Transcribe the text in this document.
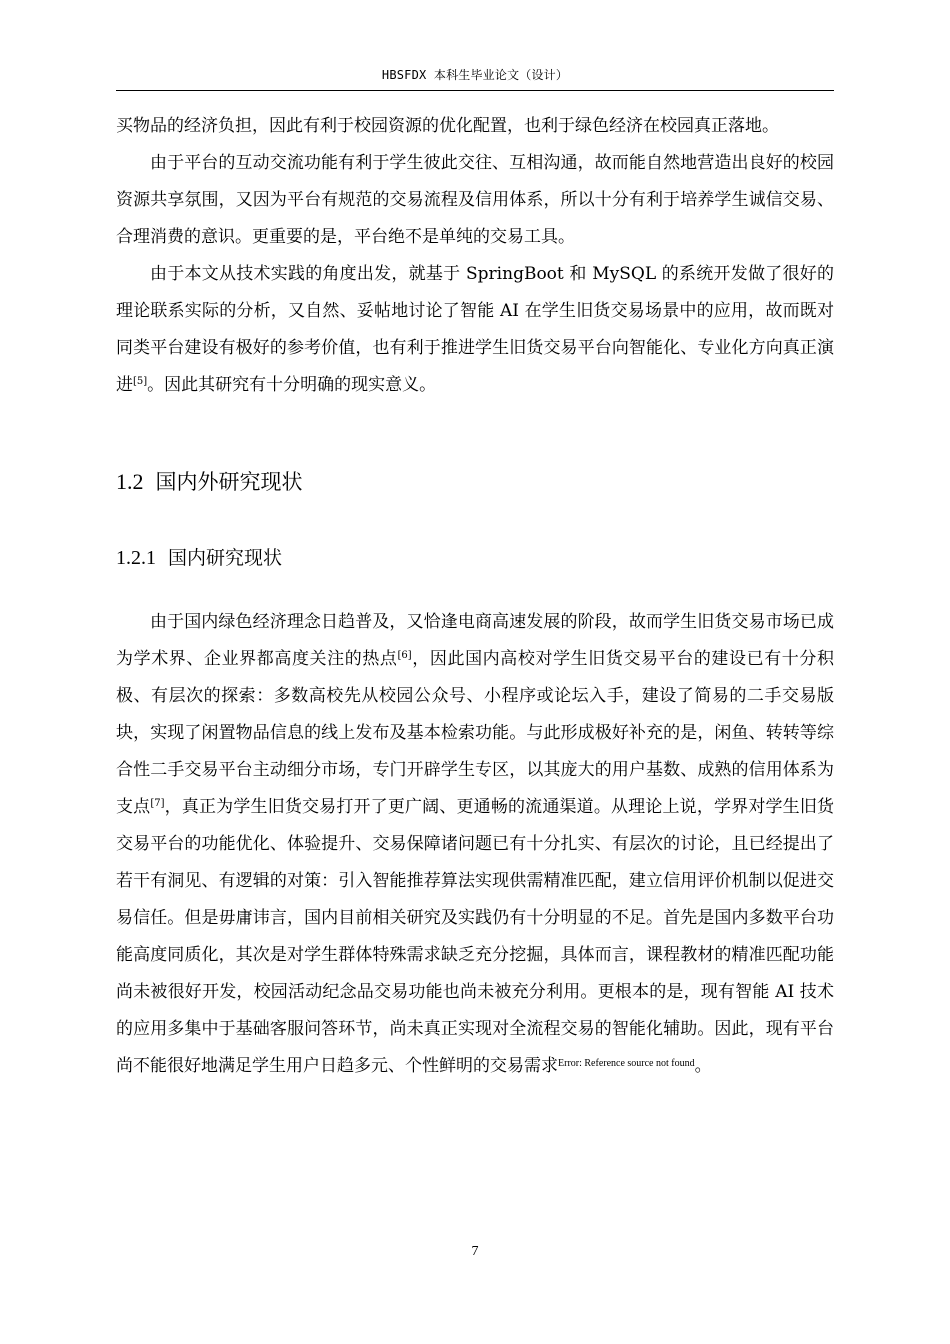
HBSFDX 本科生毕业论文（设计）

买物品的经济负担，因此有利于校园资源的优化配置，也利于绿色经济在校园真正落地。

由于平台的互动交流功能有利于学生彼此交往、互相沟通，故而能自然地营造出良好的校园资源共享氛围，又因为平台有规范的交易流程及信用体系，所以十分有利于培养学生诚信交易、合理消费的意识。更重要的是，平台绝不是单纯的交易工具。

由于本文从技术实践的角度出发，就基于 SpringBoot 和 MySQL 的系统开发做了很好的理论联系实际的分析，又自然、妥帖地讨论了智能 AI 在学生旧货交易场景中的应用，故而既对同类平台建设有极好的参考价值，也有利于推进学生旧货交易平台向智能化、专业化方向真正演进[5]。因此其研究有十分明确的现实意义。

1.2 国内外研究现状
1.2.1 国内研究现状

由于国内绿色经济理念日趋普及，又恰逢电商高速发展的阶段，故而学生旧货交易市场已成为学术界、企业界都高度关注的热点[6]，因此国内高校对学生旧货交易平台的建设已有十分积极、有层次的探索：多数高校先从校园公众号、小程序或论坛入手，建设了简易的二手交易版块，实现了闲置物品信息的线上发布及基本检索功能。与此形成极好补充的是，闲鱼、转转等综合性二手交易平台主动细分市场，专门开辟学生专区，以其庞大的用户基数、成熟的信用体系为支点[7]，真正为学生旧货交易打开了更广阔、更通畅的流通渠道。从理论上说，学界对学生旧货交易平台的功能优化、体验提升、交易保障诸问题已有十分扎实、有层次的讨论，且已经提出了若干有洞见、有逻辑的对策：引入智能推荐算法实现供需精准匹配，建立信用评价机制以促进交易信任。但是毋庸讳言，国内目前相关研究及实践仍有十分明显的不足。首先是国内多数平台功能高度同质化，其次是对学生群体特殊需求缺乏充分挖掘，具体而言，课程教材的精准匹配功能尚未被很好开发，校园活动纪念品交易功能也尚未被充分利用。更根本的是，现有智能 AI 技术的应用多集中于基础客服问答环节，尚未真正实现对全流程交易的智能化辅助。因此，现有平台尚不能很好地满足学生用户日趋多元、个性鲜明的交易需求$^{Error: Reference source not found}$。

7
